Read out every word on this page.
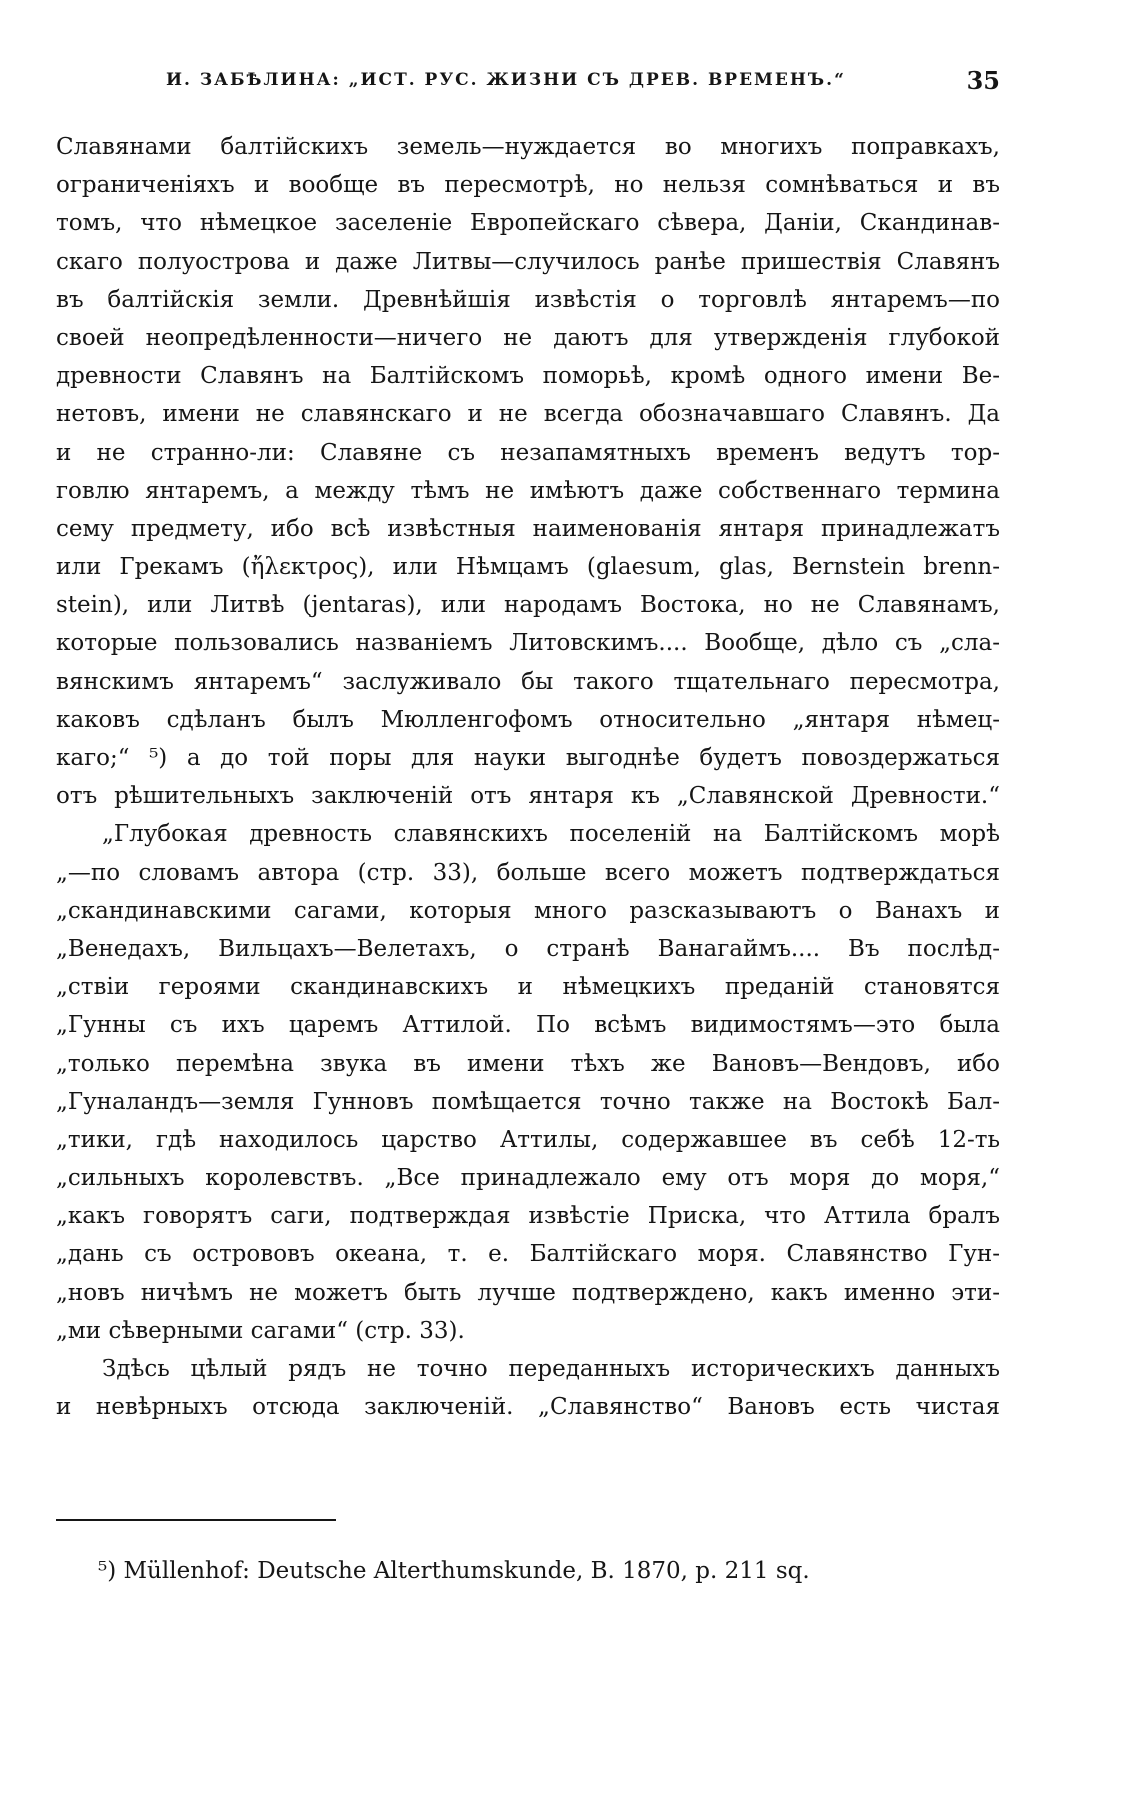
И. ЗАБѢЛИНА: „ИСТ. РУС. ЖИЗНИ СЪ ДРЕВ. ВРЕМЕНЪ.“	35
Славянами балтійскихъ земель—нуждается во многихъ поправкахъ,
ограниченіяхъ и вообще въ пересмотрѣ, но нельзя сомнѣваться и въ
томъ, что нѣмецкое заселеніе Европейскаго сѣвера, Даніи, Скандинав-
скаго полуострова и даже Литвы—случилось ранѣе пришествія Славянъ
въ балтійскія земли. Древнѣйшія извѣстія о торговлѣ янтаремъ—по
своей неопредѣленности—ничего не даютъ для утвержденія глубокой
древности Славянъ на Балтійскомъ поморьѣ, кромѣ одного имени Ве-
нетовъ, имени не славянскаго и не всегда обозначавшаго Славянъ. Да
и не странно-ли: Славяне съ незапамятныхъ временъ ведутъ тор-
говлю янтаремъ, а между тѣмъ не имѣютъ даже собственнаго термина
сему предмету, ибо всѣ извѣстныя наименованія янтаря принадлежатъ
или Грекамъ (ἤλεκτρος), или Нѣмцамъ (glaesum, glas, Bernstein brenn-
stein), или Литвѣ (jentaras), или народамъ Востока, но не Славянамъ,
которые пользовались названіемъ Литовскимъ.... Вообще, дѣло съ „сла-
вянскимъ янтаремъ“ заслуживало бы такого тщательнаго пересмотра,
каковъ сдѣланъ былъ Мюлленгофомъ относительно „янтаря нѣмец-
каго;“ ⁵) а до той поры для науки выгоднѣе будетъ повоздержаться
отъ рѣшительныхъ заключеній отъ янтаря къ „Славянской Древности.“
„Глубокая древность славянскихъ поселеній на Балтійскомъ морѣ
„—по словамъ автора (стр. 33), больше всего можетъ подтверждаться
„скандинавскими сагами, которыя много разсказываютъ о Ванахъ и
„Венедахъ, Вильцахъ—Велетахъ, о странѣ Ванагаймъ.... Въ послѣд-
„ствіи героями скандинавскихъ и нѣмецкихъ преданій становятся
„Гунны съ ихъ царемъ Аттилой. По всѣмъ видимостямъ—это была
„только перемѣна звука въ имени тѣхъ же Вановъ—Вендовъ, ибо
„Гуналандъ—земля Гунновъ помѣщается точно также на Востокѣ Бал-
„тики, гдѣ находилось царство Аттилы, содержавшее въ себѣ 12-ть
„сильныхъ королевствъ. „Все принадлежало ему отъ моря до моря,“
„какъ говорятъ саги, подтверждая извѣстіе Приска, что Аттила бралъ
„дань съ острововъ океана, т. е. Балтійскаго моря. Славянство Гун-
„новъ ничѣмъ не можетъ быть лучше подтверждено, какъ именно эти-
„ми сѣверными сагами“ (стр. 33).
Здѣсь цѣлый рядъ не точно переданныхъ историческихъ данныхъ
и невѣрныхъ отсюда заключеній. „Славянство“ Вановъ есть чистая
⁵) Müllenhof: Deutsche Alterthumskunde, B. 1870, p. 211 sq.
